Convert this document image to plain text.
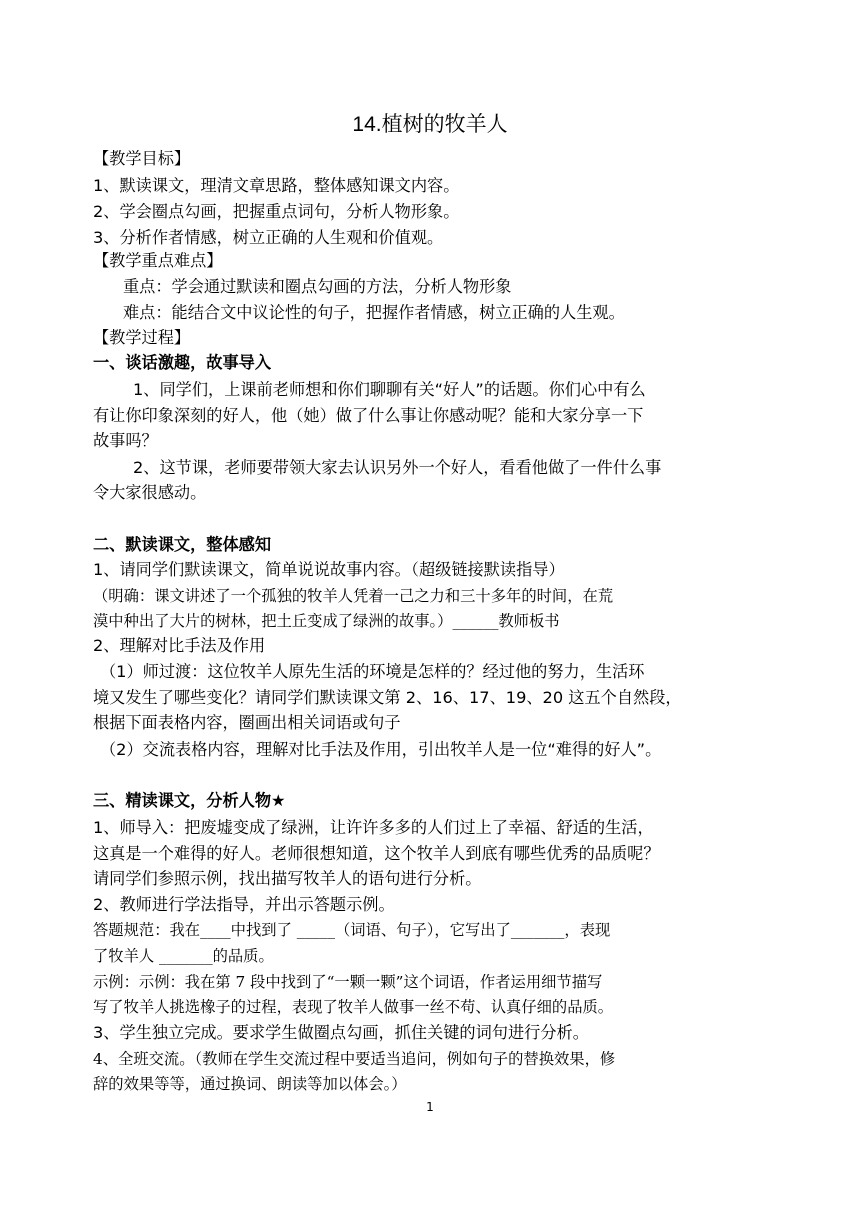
14.植树的牧羊人
【教学目标】
1、默读课文，理清文章思路，整体感知课文内容。
2、学会圈点勾画，把握重点词句，分析人物形象。
3、分析作者情感，树立正确的人生观和价值观。
【教学重点难点】
重点：学会通过默读和圈点勾画的方法，分析人物形象
难点：能结合文中议论性的句子，把握作者情感，树立正确的人生观。
【教学过程】
一、谈话激趣，故事导入
1、同学们，上课前老师想和你们聊聊有关“好人”的话题。你们心中有么
有让你印象深刻的好人，他（她）做了什么事让你感动呢？能和大家分享一下
故事吗？
2、这节课，老师要带领大家去认识另外一个好人，看看他做了一件什么事
令大家很感动。
二、默读课文，整体感知
1、请同学们默读课文，简单说说故事内容。（超级链接默读指导）
（明确：课文讲述了一个孤独的牧羊人凭着一己之力和三十多年的时间，在荒
漠中种出了大片的树林，把土丘变成了绿洲的故事。）______教师板书
2、理解对比手法及作用
（1）师过渡：这位牧羊人原先生活的环境是怎样的？经过他的努力，生活环
境又发生了哪些变化？请同学们默读课文第 2、16、17、19、20 这五个自然段，
根据下面表格内容，圈画出相关词语或句子
（2）交流表格内容，理解对比手法及作用，引出牧羊人是一位“难得的好人”。
三、精读课文，分析人物★
1、师导入：把废墟变成了绿洲，让许许多多的人们过上了幸福、舒适的生活，
这真是一个难得的好人。老师很想知道，这个牧羊人到底有哪些优秀的品质呢？
请同学们参照示例，找出描写牧羊人的语句进行分析。
2、教师进行学法指导，并出示答题示例。
答题规范：我在____中找到了 _____（词语、句子），它写出了_______，表现
了牧羊人 _______的品质。
示例：示例：我在第 7 段中找到了“一颗一颗”这个词语，作者运用细节描写
写了牧羊人挑选橡子的过程，表现了牧羊人做事一丝不苟、认真仔细的品质。
3、学生独立完成。要求学生做圈点勾画，抓住关键的词句进行分析。
4、全班交流。（教师在学生交流过程中要适当追问，例如句子的替换效果，修
辞的效果等等，通过换词、朗读等加以体会。）
1
